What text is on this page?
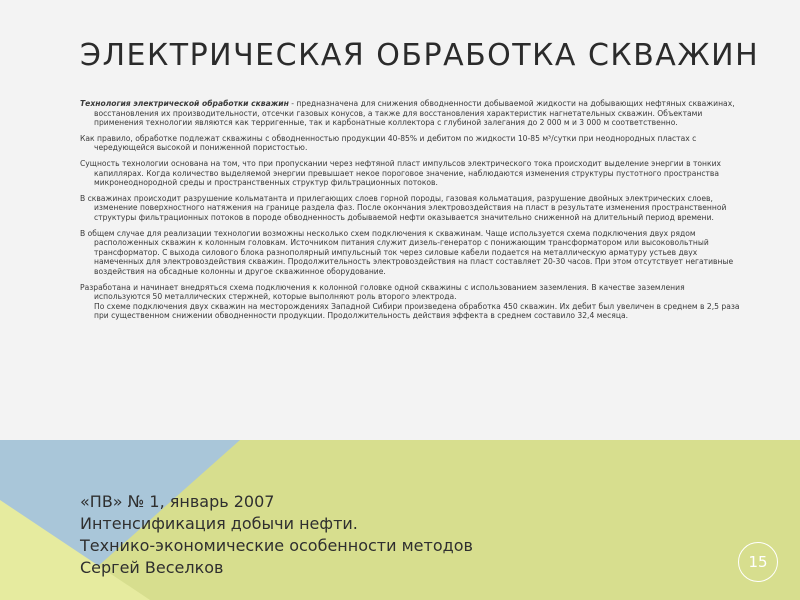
ЭЛЕКТРИЧЕСКАЯ ОБРАБОТКА СКВАЖИН

Технология электрической обработки скважин - предназначена для снижения обводненности добываемой жидкости на добывающих нефтяных скважинах, восстановления их производительности, отсечки газовых конусов, а также для восстановления характеристик нагнетательных скважин. Объектами применения технологии являются как терригенные, так и карбонатные коллектора с глубиной залегания до 2 000 м и 3 000 м соответственно.

Как правило, обработке подлежат скважины с обводненностью продукции 40-85% и дебитом по жидкости 10-85 м³/сутки при неоднородных пластах с чередующейся высокой и пониженной пористостью.

Сущность технологии основана на том, что при пропускании через нефтяной пласт импульсов электрического тока происходит выделение энергии в тонких капиллярах. Когда количество выделяемой энергии превышает некое пороговое значение, наблюдаются изменения структуры пустотного пространства микронеоднородной среды и пространственных структур фильтрационных потоков.

В скважинах происходит разрушение кольматанта и прилегающих слоев горной породы, газовая кольматация, разрушение двойных электрических слоев, изменение поверхностного натяжения на границе раздела фаз. После окончания электровоздействия на пласт в результате изменения пространственной структуры фильтрационных потоков в породе обводненность добываемой нефти оказывается значительно сниженной на длительный период времени.

В общем случае для реализации технологии возможны несколько схем подключения к скважинам. Чаще используется схема подключения двух рядом расположенных скважин к колонным головкам. Источником питания служит дизель-генератор с понижающим трансформатором или высоковольтный трансформатор. С выхода силового блока разнополярный импульсный ток через силовые кабели подается на металлическую арматуру устьев двух намеченных для электровоздействия скважин. Продолжительность электровоздействия на пласт составляет 20-30 часов. При этом отсутствует негативные воздействия на обсадные колонны и другое скважинное оборудование.

Разработана и начинает внедряться схема подключения к колонной головке одной скважины с использованием заземления. В качестве заземления используются 50 металлических стержней, которые выполняют роль второго электрода.
По схеме подключения двух скважин на месторождениях Западной Сибири произведена обработка 450 скважин. Их дебит был увеличен в среднем в 2,5 раза при существенном снижении обводненности продукции. Продолжительность действия эффекта в среднем составило 32,4 месяца.

«ПВ» № 1, январь 2007
Интенсификация добычи нефти.
Технико-экономические особенности методов
Сергей Веселков	15
